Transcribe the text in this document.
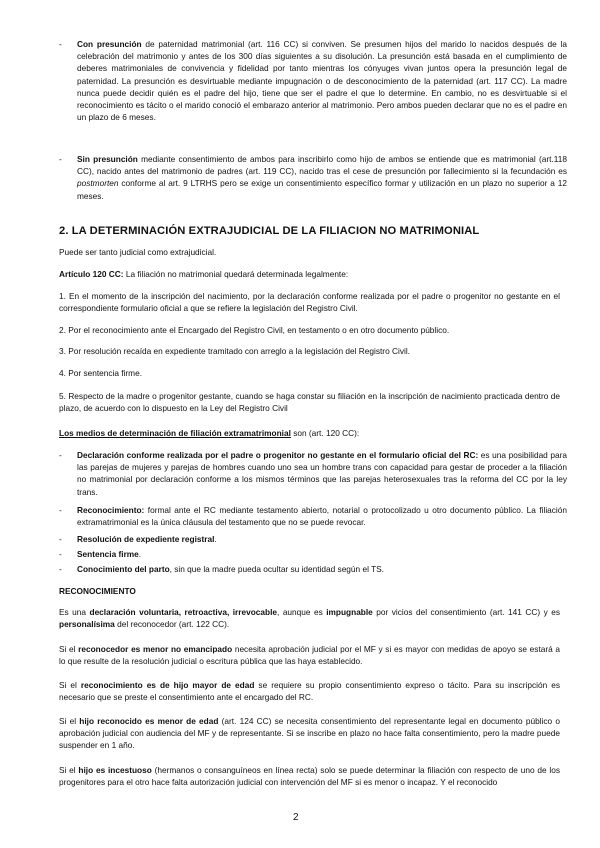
- Con presunción de paternidad matrimonial (art. 116 CC) si conviven. Se presumen hijos del marido lo nacidos después de la celebración del matrimonio y antes de los 300 días siguientes a su disolución. La presunción está basada en el cumplimiento de deberes matrimoniales de convivencia y fidelidad por tanto mientras los cónyuges vivan juntos opera la presunción legal de paternidad. La presunción es desvirtuable mediante impugnación o de desconocimiento de la paternidad (art. 117 CC). La madre nunca puede decidir quién es el padre del hijo, tiene que ser el padre el que lo determine. En cambio, no es desvirtuable si el reconocimiento es tácito o el marido conoció el embarazo anterior al matrimonio. Pero ambos pueden declarar que no es el padre en un plazo de 6 meses.

- Sin presunción mediante consentimiento de ambos para inscribirlo como hijo de ambos se entiende que es matrimonial (art.118 CC), nacido antes del matrimonio de padres (art. 119 CC), nacido tras el cese de presunción por fallecimiento si la fecundación es postmorten conforme al art. 9 LTRHS pero se exige un consentimiento específico formar y utilización en un plazo no superior a 12 meses.

2. LA DETERMINACIÓN EXTRAJUDICIAL DE LA FILIACION NO MATRIMONIAL

Puede ser tanto judicial como extrajudicial.

Artículo 120 CC: La filiación no matrimonial quedará determinada legalmente:

1. En el momento de la inscripción del nacimiento, por la declaración conforme realizada por el padre o progenitor no gestante en el correspondiente formulario oficial a que se refiere la legislación del Registro Civil.

2. Por el reconocimiento ante el Encargado del Registro Civil, en testamento o en otro documento público.

3. Por resolución recaída en expediente tramitado con arreglo a la legislación del Registro Civil.

4. Por sentencia firme.

5. Respecto de la madre o progenitor gestante, cuando se haga constar su filiación en la inscripción de nacimiento practicada dentro de plazo, de acuerdo con lo dispuesto en la Ley del Registro Civil

Los medios de determinación de filiación extramatrimonial son (art. 120 CC):

- Declaración conforme realizada por el padre o progenitor no gestante en el formulario oficial del RC: es una posibilidad para las parejas de mujeres y parejas de hombres cuando uno sea un hombre trans con capacidad para gestar de proceder a la filiación no matrimonial por declaración conforme a los mismos términos que las parejas heterosexuales tras la reforma del CC por la ley trans.

- Reconocimiento: formal ante el RC mediante testamento abierto, notarial o protocolizado u otro documento público. La filiación extramatrimonial es la única cláusula del testamento que no se puede revocar.

- Resolución de expediente registral.

- Sentencia firme.

- Conocimiento del parto, sin que la madre pueda ocultar su identidad según el TS.

RECONOCIMIENTO

Es una declaración voluntaria, retroactiva, irrevocable, aunque es impugnable por vicios del consentimiento (art. 141 CC) y es personalísima del reconocedor (art. 122 CC).

Si el reconocedor es menor no emancipado necesita aprobación judicial por el MF y si es mayor con medidas de apoyo se estará a lo que resulte de la resolución judicial o escritura pública que las haya establecido.

Si el reconocimiento es de hijo mayor de edad se requiere su propio consentimiento expreso o tácito. Para su inscripción es necesario que se preste el consentimiento ante el encargado del RC.

Si el hijo reconocido es menor de edad (art. 124 CC) se necesita consentimiento del representante legal en documento público o aprobación judicial con audiencia del MF y de representante. Si se inscribe en plazo no hace falta consentimiento, pero la madre puede suspender en 1 año.

Si el hijo es incestuoso (hermanos o consanguíneos en línea recta) solo se puede determinar la filiación con respecto de uno de los progenitores para el otro hace falta autorización judicial con intervención del MF si es menor o incapaz. Y el reconocido

2
